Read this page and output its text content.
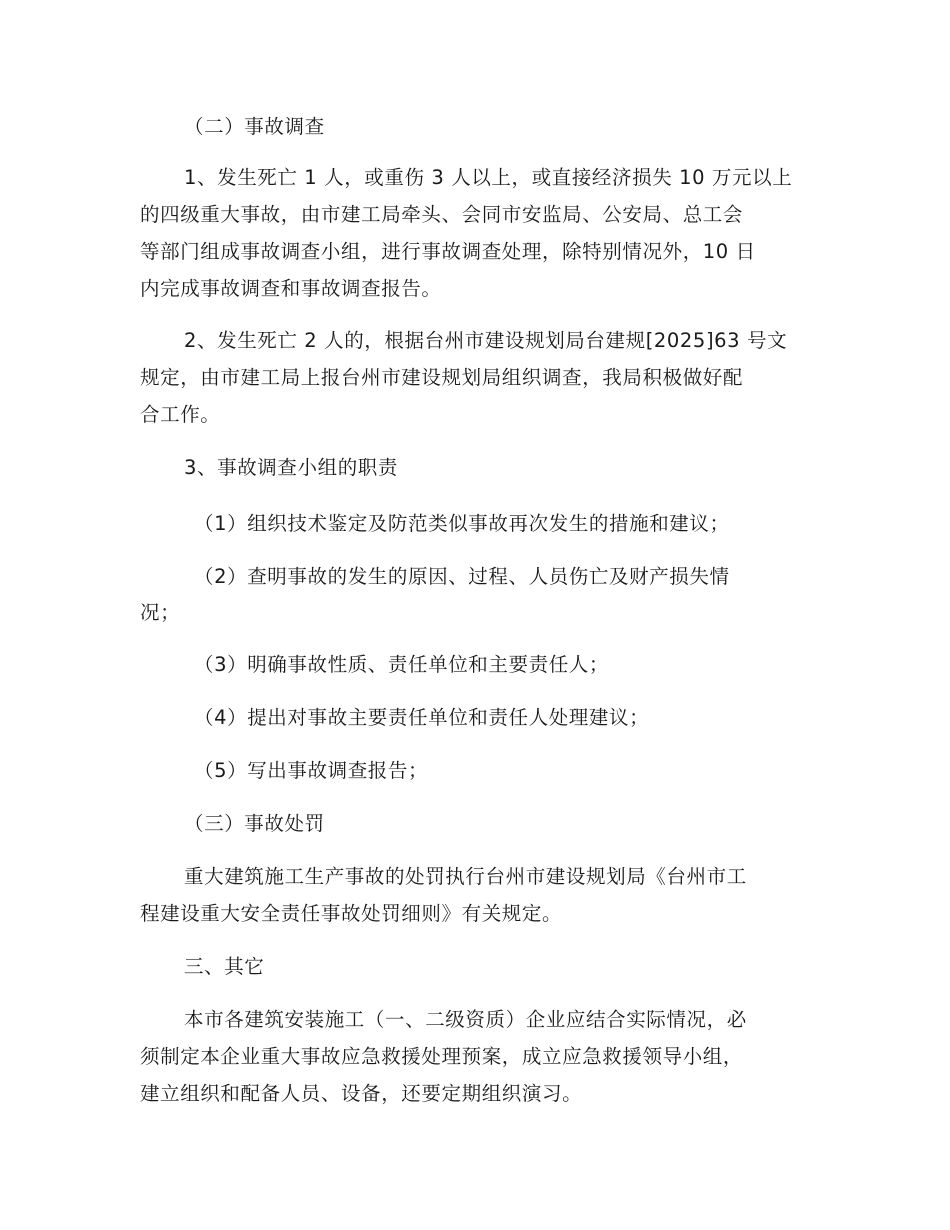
（二）事故调查
1、发生死亡 1 人，或重伤 3 人以上，或直接经济损失 10 万元以上
的四级重大事故，由市建工局牵头、会同市安监局、公安局、总工会
等部门组成事故调查小组，进行事故调查处理，除特别情况外，10 日
内完成事故调查和事故调查报告。
2、发生死亡 2 人的，根据台州市建设规划局台建规[2025]63 号文
规定，由市建工局上报台州市建设规划局组织调查，我局积极做好配
合工作。
3、事故调查小组的职责
（1）组织技术鉴定及防范类似事故再次发生的措施和建议；
（2）查明事故的发生的原因、过程、人员伤亡及财产损失情
况；
（3）明确事故性质、责任单位和主要责任人；
（4）提出对事故主要责任单位和责任人处理建议；
（5）写出事故调查报告；
（三）事故处罚
重大建筑施工生产事故的处罚执行台州市建设规划局《台州市工
程建设重大安全责任事故处罚细则》有关规定。
三、其它
本市各建筑安装施工（一、二级资质）企业应结合实际情况，必
须制定本企业重大事故应急救援处理预案，成立应急救援领导小组，
建立组织和配备人员、设备，还要定期组织演习。
